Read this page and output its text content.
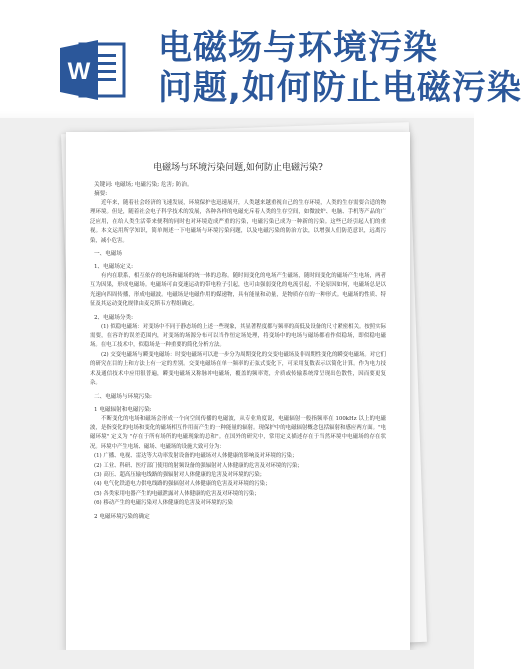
W
电磁场与环境污染
问题,如何防止电磁污染
电磁场与环境污染问题,如何防止电磁污染?
关键词: 电磁场; 电磁污染; 危害; 防治。
摘要:

近年来，随着社会经济的飞速发展，环境保护也迅速展开，人类越来越重视自己的生存环境，人类的生存需要合适的物理环境。但是，随着社会电子科学技术的发展，各种各样的电磁充斥着人类的生存空间，如微波炉、电脑、手机等产品的广泛应用，在给人类生活带来便利的同时也对环境造成严重的污染，电磁污染已成为一种新的污染。这些已经引起人们的重视。本文运用所学知识，简单阐述一下电磁场与环境污染问题，以及电磁污染的防治方法，以增强人们防范意识，远离污染，减小危害。

一、电磁场
1、电磁场定义:

有内在联系，相互依存的电场和磁场的统一体的总称。随时间变化的电场产生磁场，随时间变化的磁场产生电场，两者互为因果，形成电磁场。电磁场可由变速运动的带电粒子引起，也可由强弱变化的电流引起，不论原因如何，电磁场总是以光速向四周传播，形成电磁波。电磁场是电磁作用的媒递物，具有能量和动量，是物质存在的一种形式。电磁场的性质、特征及其运动变化规律由麦克斯韦方程组确定。

2、电磁场分类:

(1) 似稳电磁场：对变场中不同于静态场的上述一些现象，其显著程度都与频率的高低及设备的尺寸紧密相关。按照实际需要，在容许的误差范围内，对变场的场源分布可以当作恒定场处理，将变场中的电场与磁场都看作似稳场，即似稳电磁场。在电工技术中，似稳场是一种重要的简化分析方法。

(2) 交变电磁场与瞬变电磁场：时变电磁场可以进一步分为周期变化的交变电磁场及非周期性变化的瞬变电磁场。对它们的研究在目的上和方法上有一定的差别。交变电磁场在单一频率的正弦式变化下，可采用复数表示以简化计算。作为电力技术及通信技术中应用很普遍，瞬变电磁场又称脉冲电磁场，覆盖的频率宽，介质或传输系统常呈现出色散性，因而要更复杂。

二、电磁场与环境污染:
1 电磁辐射和电磁污染:

不断变化的电场和磁场会形成一个向空间传播的电磁波，从专业角度说，电磁辐射一般指频率在 100kHz 以上的电磁波，是指变化的电场和变化的磁场相互作用而产生的一种能量的辐射。现保护中的电磁辐射概念包括辐射和感应两方面。"电磁环境" 定义为 "存在于所有场所的电磁现象的总和"。在国外的研究中，常用定义描述存在于当然环境中电磁场的存在状况。环境中产生电场、磁场、电磁场的设施大致可分为：

(1) 广播、电视、雷达等大功率发射设备的电磁场对人体健康的影响及对环境的污染；
(2) 工业、科研、医疗部门使用的射频设备的强辐射对人体健康的危害及对环境的污染；
(3) 高压、超高压输电线路的强辐射对人体健康的危害及对环境的污染；
(4) 电气化铁道电力供电线路的强辐射对人体健康的危害及对环境的污染；
(5) 各类家用电器产生的电磁泄露对人体健康的危害及对环境的污染；
(6) 移动产生的电磁污染对人体健康的危害及对环境的污染
2 电磁环境污染的确定
